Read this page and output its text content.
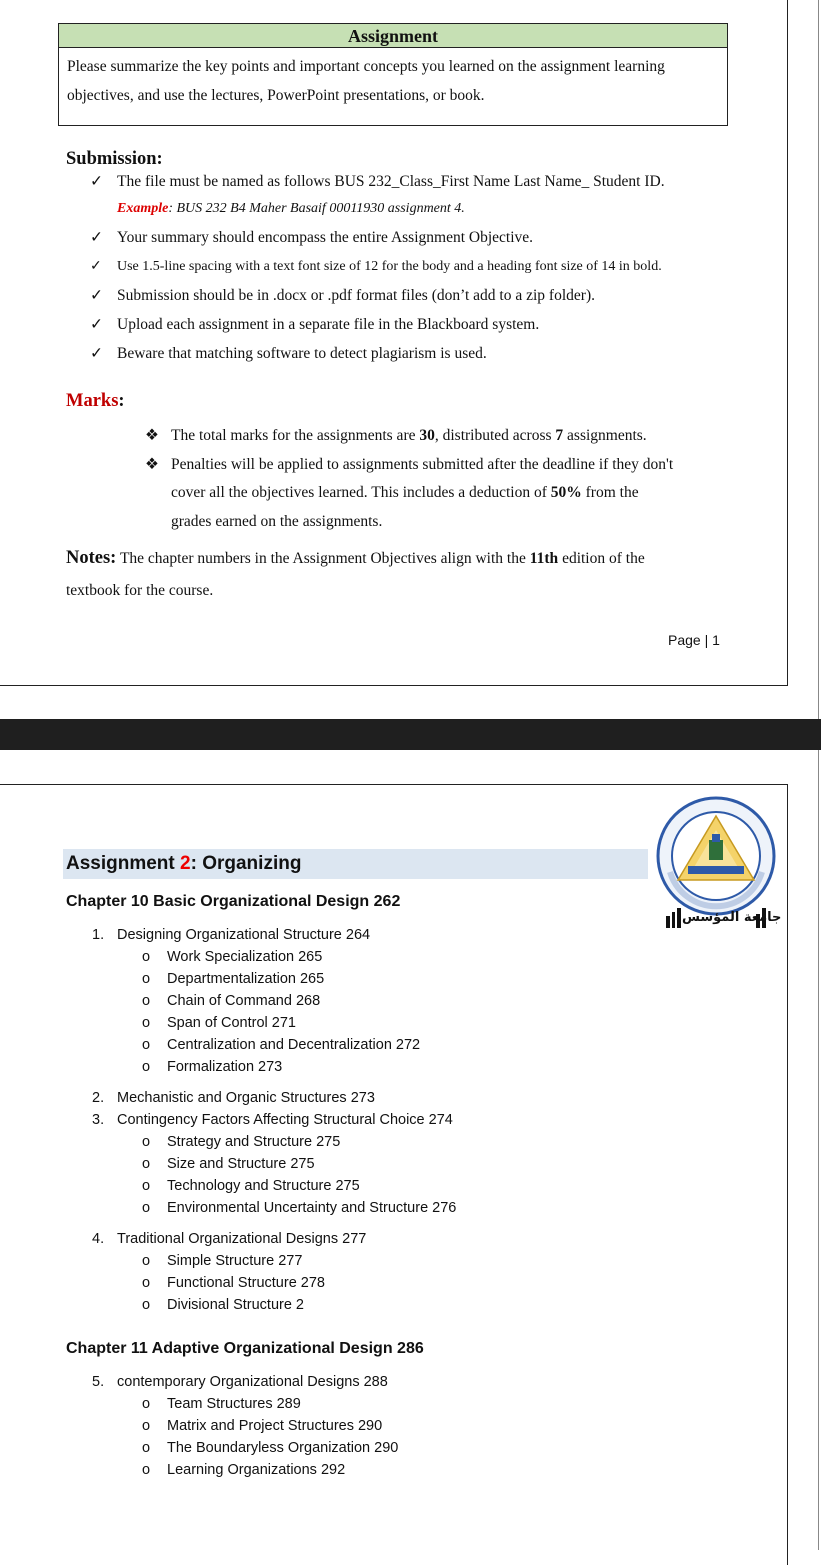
Assignment
Please summarize the key points and important concepts you learned on the assignment learning
objectives, and use the lectures, PowerPoint presentations, or book.
Submission:
✓ The file must be named as follows BUS 232_Class_First Name Last Name_ Student ID.
Example: BUS 232 B4 Maher Basaif 00011930 assignment 4.
✓ Your summary should encompass the entire Assignment Objective.
✓ Use 1.5-line spacing with a text font size of 12 for the body and a heading font size of 14 in bold.
✓ Submission should be in .docx or .pdf format files (don’t add to a zip folder).
✓ Upload each assignment in a separate file in the Blackboard system.
✓ Beware that matching software to detect plagiarism is used.
Marks:
❖ The total marks for the assignments are 30, distributed across 7 assignments.
❖ Penalties will be applied to assignments submitted after the deadline if they don't
cover all the objectives learned. This includes a deduction of 50% from the
grades earned on the assignments.
Notes: The chapter numbers in the Assignment Objectives align with the 11th edition of the
textbook for the course.
Page | 1
جامعة المؤسس
Assignment 2: Organizing
Chapter 10 Basic Organizational Design 262
1. Designing Organizational Structure 264
o Work Specialization 265
o Departmentalization 265
o Chain of Command 268
o Span of Control 271
o Centralization and Decentralization 272
o Formalization 273
2. Mechanistic and Organic Structures 273
3. Contingency Factors Affecting Structural Choice 274
o Strategy and Structure 275
o Size and Structure 275
o Technology and Structure 275
o Environmental Uncertainty and Structure 276
4. Traditional Organizational Designs 277
o Simple Structure 277
o Functional Structure 278
o Divisional Structure 2
Chapter 11 Adaptive Organizational Design 286
5. contemporary Organizational Designs 288
o Team Structures 289
o Matrix and Project Structures 290
o The Boundaryless Organization 290
o Learning Organizations 292
